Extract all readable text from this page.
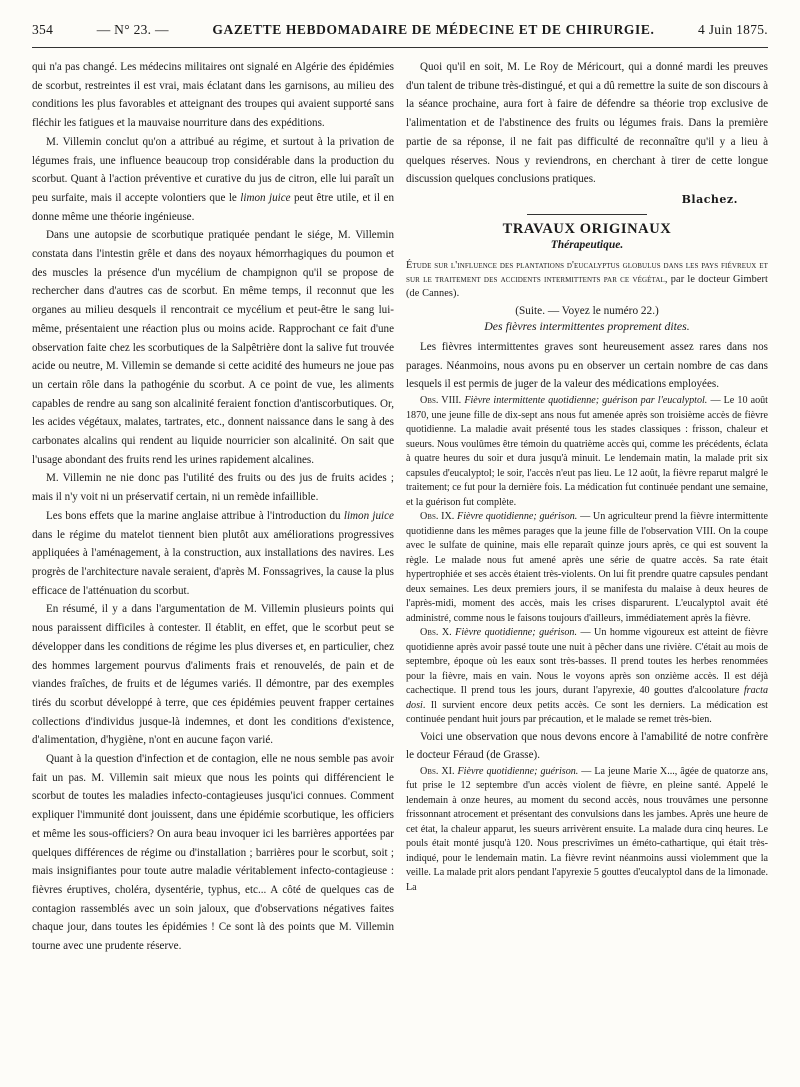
354	— N° 23. —	GAZETTE HEBDOMADAIRE DE MÉDECINE ET DE CHIRURGIE.	4 Juin 1875.

qui n'a pas changé. Les médecins militaires ont signalé en Algérie des épidémies de scorbut, restreintes il est vrai, mais éclatant dans les garnisons, au milieu des conditions les plus favorables et atteignant des troupes qui avaient supporté sans fléchir les fatigues et la mauvaise nourriture dans des expéditions.

M. Villemin conclut qu'on a attribué au régime, et surtout à la privation de légumes frais, une influence beaucoup trop considérable dans la production du scorbut. Quant à l'action préventive et curative du jus de citron, elle lui paraît un peu surfaite, mais il accepte volontiers que le limon juice peut être utile, et il en donne même une théorie ingénieuse.

Dans une autopsie de scorbutique pratiquée pendant le siége, M. Villemin constata dans l'intestin grêle et dans des noyaux hémorrhagiques du poumon et des muscles la présence d'un mycélium de champignon qu'il se propose de rechercher dans d'autres cas de scorbut. En même temps, il reconnut que les organes au milieu desquels il rencontrait ce mycélium et peut-être le sang lui-même, présentaient une réaction plus ou moins acide. Rapprochant ce fait d'une observation faite chez les scorbutiques de la Salpêtrière dont la salive fut trouvée acide ou neutre, M. Villemin se demande si cette acidité des humeurs ne joue pas un certain rôle dans la pathogénie du scorbut. A ce point de vue, les aliments capables de rendre au sang son alcalinité feraient fonction d'antiscorbutiques. Or, les acides végétaux, malates, tartrates, etc., donnent naissance dans le sang à des carbonates alcalins qui rendent au liquide nourricier son alcalinité. On sait que l'usage abondant des fruits rend les urines rapidement alcalines.

M. Villemin ne nie donc pas l'utilité des fruits ou des jus de fruits acides ; mais il n'y voit ni un préservatif certain, ni un remède infaillible.

Les bons effets que la marine anglaise attribue à l'introduction du limon juice dans le régime du matelot tiennent bien plutôt aux améliorations progressives appliquées à l'aménagement, à la construction, aux installations des navires. Les progrès de l'architecture navale seraient, d'après M. Fonssagrives, la cause la plus efficace de l'atténuation du scorbut.

En résumé, il y a dans l'argumentation de M. Villemin plusieurs points qui nous paraissent difficiles à contester. Il établit, en effet, que le scorbut peut se développer dans les conditions de régime les plus diverses et, en particulier, chez des hommes largement pourvus d'aliments frais et renouvelés, de pain et de viandes fraîches, de fruits et de légumes variés. Il démontre, par des exemples tirés du scorbut développé à terre, que ces épidémies peuvent frapper certaines collections d'individus jusque-là indemnes, et dont les conditions d'existence, d'alimentation, d'hygiène, n'ont en aucune façon varié.

Quant à la question d'infection et de contagion, elle ne nous semble pas avoir fait un pas. M. Villemin sait mieux que nous les points qui différencient le scorbut de toutes les maladies infecto-contagieuses jusqu'ici connues. Comment expliquer l'immunité dont jouissent, dans une épidémie scorbutique, les officiers et même les sous-officiers? On aura beau invoquer ici les barrières apportées par quelques différences de régime ou d'installation ; barrières pour le scorbut, soit ; mais insignifiantes pour toute autre maladie véritablement infecto-contagieuse : fièvres éruptives, choléra, dysentérie, typhus, etc... A côté de quelques cas de contagion rassemblés avec un soin jaloux, que d'observations négatives faites chaque jour, dans toutes les épidémies ! Ce sont là des points que M. Villemin tourne avec une prudente réserve.

Quoi qu'il en soit, M. Le Roy de Méricourt, qui a donné mardi les preuves d'un talent de tribune très-distingué, et qui a dû remettre la suite de son discours à la séance prochaine, aura fort à faire de défendre sa théorie trop exclusive de l'alimentation et de l'abstinence des fruits ou légumes frais. Dans la première partie de sa réponse, il ne fait pas difficulté de reconnaître qu'il y a lieu à quelques réserves. Nous y reviendrons, en cherchant à tirer de cette longue discussion quelques conclusions pratiques.

Blachez.
TRAVAUX ORIGINAUX
Thérapeutique.

Étude sur l'influence des plantations d'eucalyptus globulus dans les pays fiévreux et sur le traitement des accidents intermittents par ce végétal, par le docteur Gimbert (de Cannes).

(Suite. — Voyez le numéro 22.)
Des fièvres intermittentes proprement dites.

Les fièvres intermittentes graves sont heureusement assez rares dans nos parages. Néanmoins, nous avons pu en observer un certain nombre de cas dans lesquels il est permis de juger de la valeur des médications employées.

Obs. VIII. Fièvre intermittente quotidienne; guérison par l'eucalyptol. — Le 10 août 1870, une jeune fille de dix-sept ans nous fut amenée après son troisième accès de fièvre quotidienne. La maladie avait présenté tous les stades classiques : frisson, chaleur et sueurs. Nous voulûmes être témoin du quatrième accès qui, comme les précédents, éclata à quatre heures du soir et dura jusqu'à minuit. Le lendemain matin, la malade prit six capsules d'eucalyptol; le soir, l'accès n'eut pas lieu. Le 12 août, la fièvre reparut malgré le traitement; ce fut pour la dernière fois. La médication fut continuée pendant une semaine, et la guérison fut complète.

Obs. IX. Fièvre quotidienne; guérison. — Un agriculteur prend la fièvre intermittente quotidienne dans les mêmes parages que la jeune fille de l'observation VIII. On la coupe avec le sulfate de quinine, mais elle reparaît quinze jours après, ce qui est souvent la règle. Le malade nous fut amené après une série de quatre accès. Sa rate était hypertrophiée et ses accès étaient très-violents. On lui fit prendre quatre capsules pendant deux semaines. Les deux premiers jours, il se manifesta du malaise à deux heures de l'après-midi, moment des accès, mais les crises disparurent. L'eucalyptol avait été administré, comme nous le faisons toujours d'ailleurs, immédiatement après la fièvre.

Obs. X. Fièvre quotidienne; guérison. — Un homme vigoureux est atteint de fièvre quotidienne après avoir passé toute une nuit à pêcher dans une rivière. C'était au mois de septembre, époque où les eaux sont très-basses. Il prend toutes les herbes renommées pour la fièvre, mais en vain. Nous le voyons après son onzième accès. Il est déjà cachectique. Il prend tous les jours, durant l'apyrexie, 40 gouttes d'alcoolature fracta dosi. Il survient encore deux petits accès. Ce sont les derniers. La médication est continuée pendant huit jours par précaution, et le malade se remet très-bien.

Voici une observation que nous devons encore à l'amabilité de notre confrère le docteur Féraud (de Grasse).

Obs. XI. Fièvre quotidienne; guérison. — La jeune Marie X..., âgée de quatorze ans, fut prise le 12 septembre d'un accès violent de fièvre, en pleine santé. Appelé le lendemain à onze heures, au moment du second accès, nous trouvâmes une personne frissonnant atrocement et présentant des convulsions dans les jambes. Après une heure de cet état, la chaleur apparut, les sueurs arrivèrent ensuite. La malade dura cinq heures. Le pouls était monté jusqu'à 120. Nous prescrivîmes un éméto-cathartique, qui était très-indiqué, pour le lendemain matin. La fièvre revint néanmoins aussi violemment que la veille. La malade prit alors pendant l'apyrexie 5 gouttes d'eucalyptol dans de la limonade. La
